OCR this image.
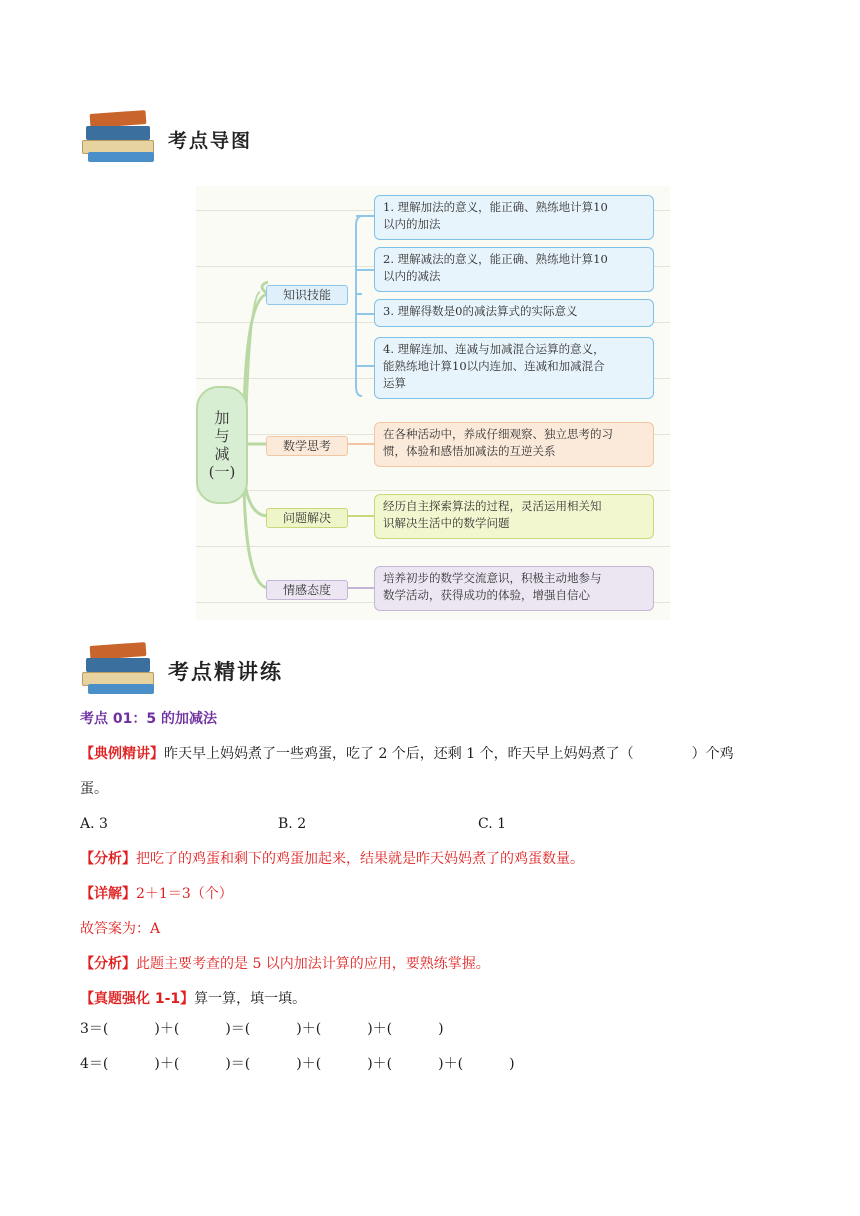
考点导图
加
与
减
(一)
知识技能
数学思考
问题解决
情感态度
1. 理解加法的意义，能正确、熟练地计算10
以内的加法
2. 理解减法的意义，能正确、熟练地计算10
以内的减法
3. 理解得数是0的减法算式的实际意义
4. 理解连加、连减与加减混合运算的意义，
能熟练地计算10以内连加、连减和加减混合
运算
在各种活动中，养成仔细观察、独立思考的习
惯，体验和感悟加减法的互逆关系
经历自主探索算法的过程，灵活运用相关知
识解决生活中的数学问题
培养初步的数学交流意识，积极主动地参与
数学活动，获得成功的体验，增强自信心
考点精讲练
考点 01：5 的加减法
【典例精讲】昨天早上妈妈煮了一些鸡蛋，吃了 2 个后，还剩 1 个，昨天早上妈妈煮了（	）个鸡
蛋。
A. 3	B. 2	C. 1
【分析】把吃了的鸡蛋和剩下的鸡蛋加起来，结果就是昨天妈妈煮了的鸡蛋数量。
【详解】2＋1＝3（个）
故答案为：A
【分析】此题主要考查的是 5 以内加法计算的应用，要熟练掌握。
【真题强化 1-1】算一算，填一填。
3＝(	)＋(	)＝(	)＋(	)＋(	)
4＝(	)＋(	)＝(	)＋(	)＋(	)＋(	)
